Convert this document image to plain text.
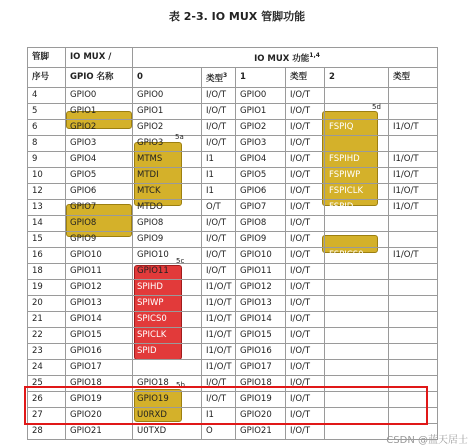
表 2-3. IO MUX 管脚功能
管脚	IO MUX /	IO MUX 功能$^{1,4}$
序号	GPIO 名称	0	类型$^3$	1	类型	2	类型
4	GPIO0	GPIO0	I/O/T	GPIO0	I/O/T		
5	GPIO1	GPIO1	I/O/T	GPIO1	I/O/T		
6	GPIO2	GPIO2	I/O/T	GPIO2	I/O/T	FSPIQ	I1/O/T
8	GPIO3	GPIO3	I/O/T	GPIO3	I/O/T		
9	GPIO4	MTMS	I1	GPIO4	I/O/T	FSPIHD	I1/O/T
10	GPIO5	MTDI	I1	GPIO5	I/O/T	FSPIWP	I1/O/T
12	GPIO6	MTCK	I1	GPIO6	I/O/T	FSPICLK	I1/O/T
13	GPIO7	MTDO	O/T	GPIO7	I/O/T	FSPID	I1/O/T
14	GPIO8	GPIO8	I/O/T	GPIO8	I/O/T		
15	GPIO9	GPIO9	I/O/T	GPIO9	I/O/T		
16	GPIO10	GPIO10	I/O/T	GPIO10	I/O/T	FSPICS0	I1/O/T
18	GPIO11	GPIO11	I/O/T	GPIO11	I/O/T		
19	GPIO12	SPIHD	I1/O/T	GPIO12	I/O/T		
20	GPIO13	SPIWP	I1/O/T	GPIO13	I/O/T		
21	GPIO14	SPICS0	I1/O/T	GPIO14	I/O/T		
22	GPIO15	SPICLK	I1/O/T	GPIO15	I/O/T		
23	GPIO16	SPID	I1/O/T	GPIO16	I/O/T		
24	GPIO17	SPIQ	I1/O/T	GPIO17	I/O/T		
25	GPIO18	GPIO18	I/O/T	GPIO18	I/O/T		
26	GPIO19	GPIO19	I/O/T	GPIO19	I/O/T		
27	GPIO20	U0RXD	I1	GPIO20	I/O/T		
28	GPIO21	U0TXD	O	GPIO21	I/O/T		
5a
5c
5b
5d
CSDN @蓝天居士
